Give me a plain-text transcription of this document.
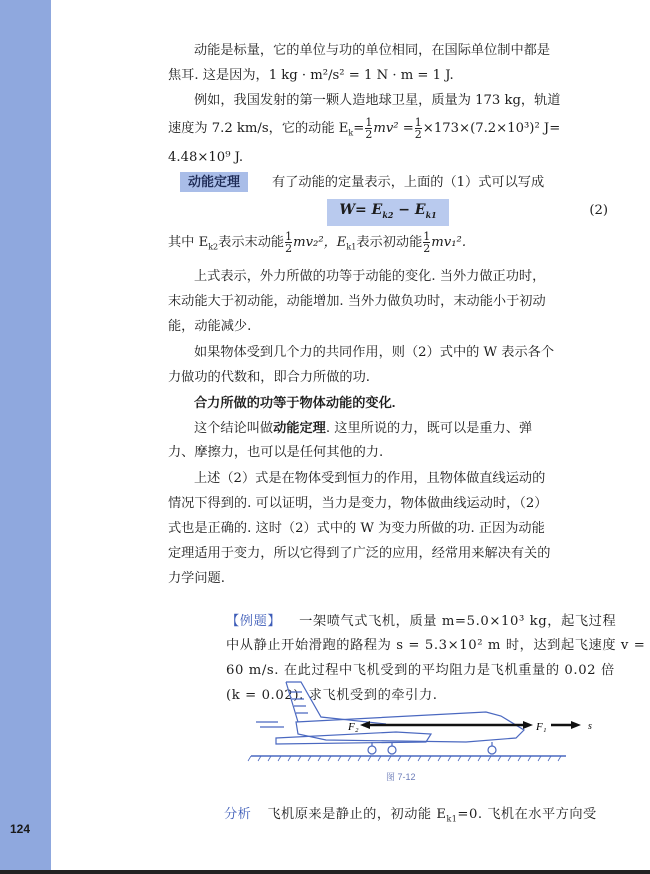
124
动能是标量，它的单位与功的单位相同，在国际单位制中都是
焦耳. 这是因为，1 kg · m²/s² = 1 N · m = 1 J.
例如，我国发射的第一颗人造地球卫星，质量为 173 kg，轨道
速度为 7.2 km/s，它的动能 $E_k= \frac{1}{2} mv^2 = \frac{1}{2} \times 173\times(7.2\times 10^3)^2$ J=
4.48×10⁹ J.
动能定理 有了动能的定量表示，上面的（1）式可以写成
$W= E_{k2} - E_{k1}$	(2)
其中 $E_{k2}$表示末动能 $\frac{1}{2} mv_2^2$，$E_{k1}$表示初动能 $\frac{1}{2} mv_1^2$.
上式表示，外力所做的功等于动能的变化. 当外力做正功时，
末动能大于初动能，动能增加. 当外力做负功时，末动能小于初动
能，动能减少.
如果物体受到几个力的共同作用，则（2）式中的 W 表示各个
力做功的代数和，即合力所做的功.
合力所做的功等于物体动能的变化.
这个结论叫做动能定理. 这里所说的力，既可以是重力、弹
力、摩擦力，也可以是任何其他的力.
上述（2）式是在物体受到恒力的作用，且物体做直线运动的
情况下得到的. 可以证明，当力是变力，物体做曲线运动时，（2）
式也是正确的. 这时（2）式中的 W 为变力所做的功. 正因为动能
定理适用于变力，所以它得到了广泛的应用，经常用来解决有关的
力学问题.
【例题】 一架喷气式飞机，质量 m=5.0×10³ kg，起飞过程
中从静止开始滑跑的路程为 s = 5.3×10² m 时，达到起飞速度 v =
60 m/s. 在此过程中飞机受到的平均阻力是飞机重量的 0.02 倍
(k = 0.02). 求飞机受到的牵引力.
F₂	F₁	s
图 7-12
分析 飞机原来是静止的，初动能 $E_{k1}=0$. 飞机在水平方向受
